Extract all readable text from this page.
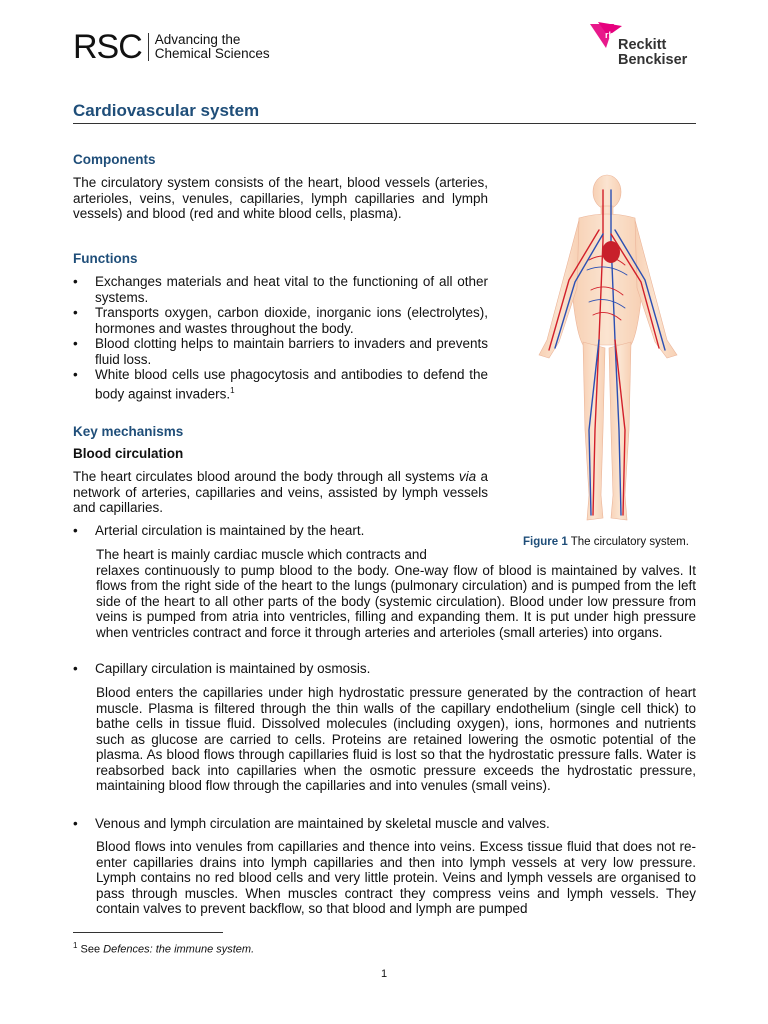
RSC Advancing the
Chemical Sciences
rb
Reckitt
Benckiser
Cardiovascular system
Components

The circulatory system consists of the heart, blood vessels (arteries, arterioles, veins, venules, capillaries, lymph capillaries and lymph vessels) and blood (red and white blood cells, plasma).

Functions
• Exchanges materials and heat vital to the functioning of all other systems.
• Transports oxygen, carbon dioxide, inorganic ions (electrolytes), hormones and wastes throughout the body.
• Blood clotting helps to maintain barriers to invaders and prevents fluid loss.
• White blood cells use phagocytosis and antibodies to defend the body against invaders.$^1$
Key mechanisms
Blood circulation

The heart circulates blood around the body through all systems via a network of arteries, capillaries and veins, assisted by lymph vessels and capillaries.

• Arterial circulation is maintained by the heart.

The heart is mainly cardiac muscle which contracts and

relaxes continuously to pump blood to the body. One-way flow of blood is maintained by valves. It flows from the right side of the heart to the lungs (pulmonary circulation) and is pumped from the left side of the heart to all other parts of the body (systemic circulation). Blood under low pressure from veins is pumped from atria into ventricles, filling and expanding them. It is put under high pressure when ventricles contract and force it through arteries and arterioles (small arteries) into organs.

• Capillary circulation is maintained by osmosis.

Blood enters the capillaries under high hydrostatic pressure generated by the contraction of heart muscle. Plasma is filtered through the thin walls of the capillary endothelium (single cell thick) to bathe cells in tissue fluid. Dissolved molecules (including oxygen), ions, hormones and nutrients such as glucose are carried to cells. Proteins are retained lowering the osmotic potential of the plasma. As blood flows through capillaries fluid is lost so that the hydrostatic pressure falls. Water is reabsorbed back into capillaries when the osmotic pressure exceeds the hydrostatic pressure, maintaining blood flow through the capillaries and into venules (small veins).

• Venous and lymph circulation are maintained by skeletal muscle and valves.

Blood flows into venules from capillaries and thence into veins. Excess tissue fluid that does not re-enter capillaries drains into lymph capillaries and then into lymph vessels at very low pressure. Lymph contains no red blood cells and very little protein. Veins and lymph vessels are organised to pass through muscles. When muscles contract they compress veins and lymph vessels. They contain valves to prevent backflow, so that blood and lymph are pumped

Figure 1 The circulatory system.
$^1$ See Defences: the immune system.
1
